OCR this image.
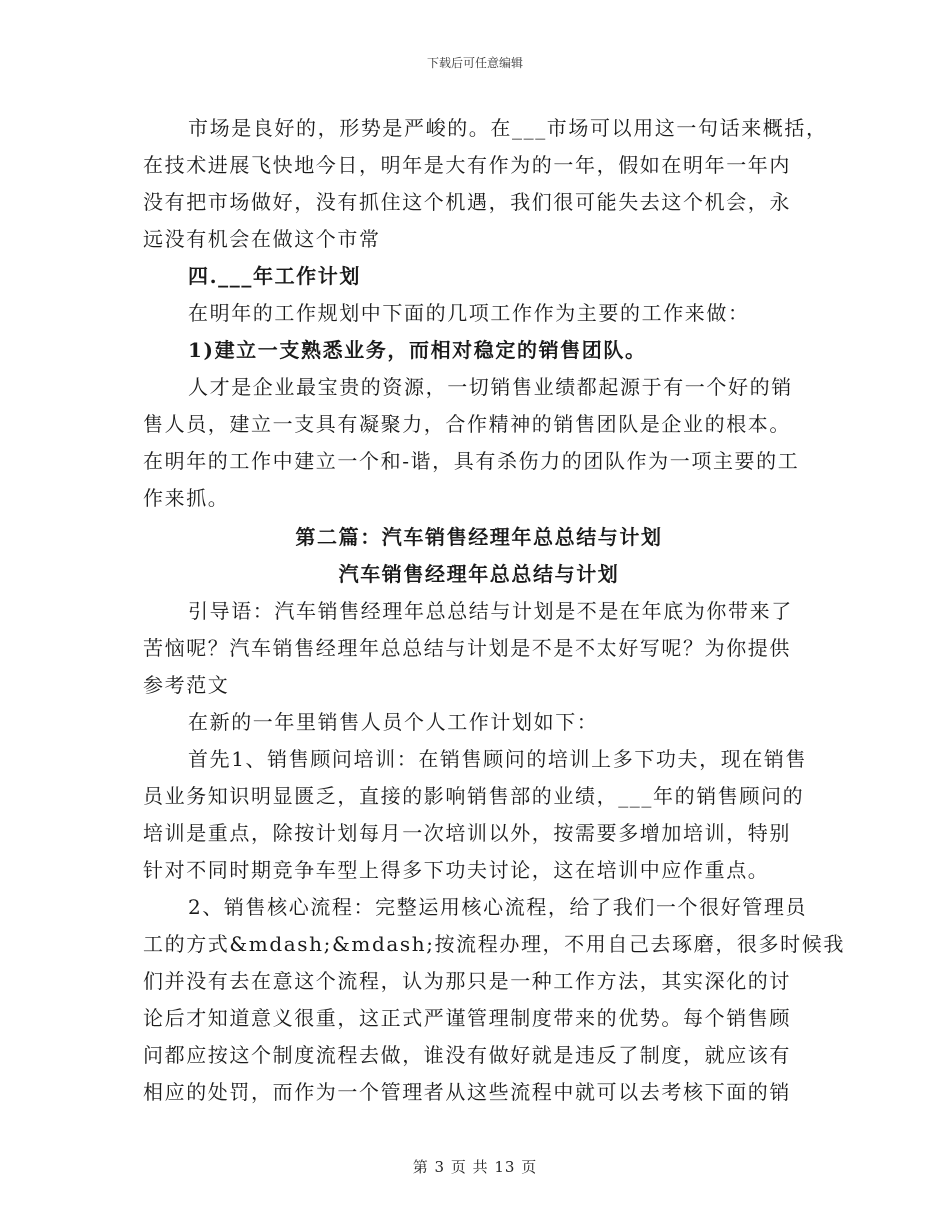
下载后可任意编辑
市场是良好的，形势是严峻的。在___市场可以用这一句话来概括，
在技术进展飞快地今日，明年是大有作为的一年，假如在明年一年内
没有把市场做好，没有抓住这个机遇，我们很可能失去这个机会，永
远没有机会在做这个市常
四.___年工作计划
在明年的工作规划中下面的几项工作作为主要的工作来做：
1)建立一支熟悉业务，而相对稳定的销售团队。
人才是企业最宝贵的资源，一切销售业绩都起源于有一个好的销
售人员，建立一支具有凝聚力，合作精神的销售团队是企业的根本。
在明年的工作中建立一个和-谐，具有杀伤力的团队作为一项主要的工
作来抓。
第二篇：汽车销售经理年总总结与计划
汽车销售经理年总总结与计划
引导语：汽车销售经理年总总结与计划是不是在年底为你带来了
苦恼呢？汽车销售经理年总总结与计划是不是不太好写呢？为你提供
参考范文
在新的一年里销售人员个人工作计划如下：
首先1、销售顾问培训：在销售顾问的培训上多下功夫，现在销售
员业务知识明显匮乏，直接的影响销售部的业绩，___年的销售顾问的
培训是重点，除按计划每月一次培训以外，按需要多增加培训，特别
针对不同时期竞争车型上得多下功夫讨论，这在培训中应作重点。
2、销售核心流程：完整运用核心流程，给了我们一个很好管理员
工的方式&mdash;&mdash;按流程办理，不用自己去琢磨，很多时候我
们并没有去在意这个流程，认为那只是一种工作方法，其实深化的讨
论后才知道意义很重，这正式严谨管理制度带来的优势。每个销售顾
问都应按这个制度流程去做，谁没有做好就是违反了制度，就应该有
相应的处罚，而作为一个管理者从这些流程中就可以去考核下面的销
第 3 页 共 13 页
